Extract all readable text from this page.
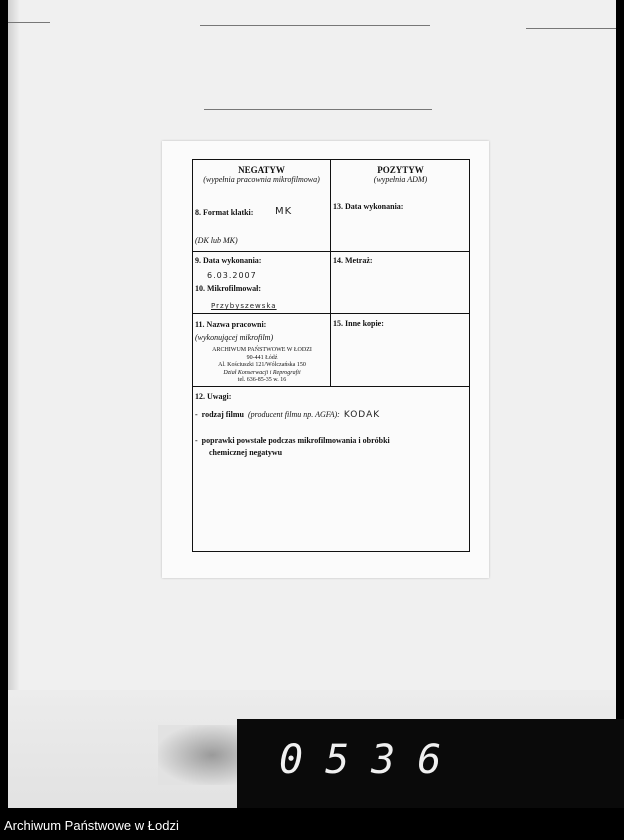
NEGATYW
(wypełnia pracownia mikrofilmowa)
POZYTYW
(wypełnia ADM)
8. Format klatki: MK
(DK lub MK)
13. Data wykonania:
9. Data wykonania:
6.03.2007
10. Mikrofilmował:
Przybyszewska
14. Metraż:
11. Nazwa pracowni:
(wykonującej mikrofilm)
15. Inne kopie:
ARCHIWUM PAŃSTWOWE W ŁODZI
90-441 Łódź
Al. Kościuszki 121/Wólczańska 150
Dział Konserwacji i Reprografii
tel. 636-85-35 w. 16
12. Uwagi:
-  rodzaj filmu (producent filmu np. AGFA): KODAK
-  poprawki powstałe podczas mikrofilmowania i obróbki
chemicznej negatywu
0536
Archiwum Państwowe w Łodzi
